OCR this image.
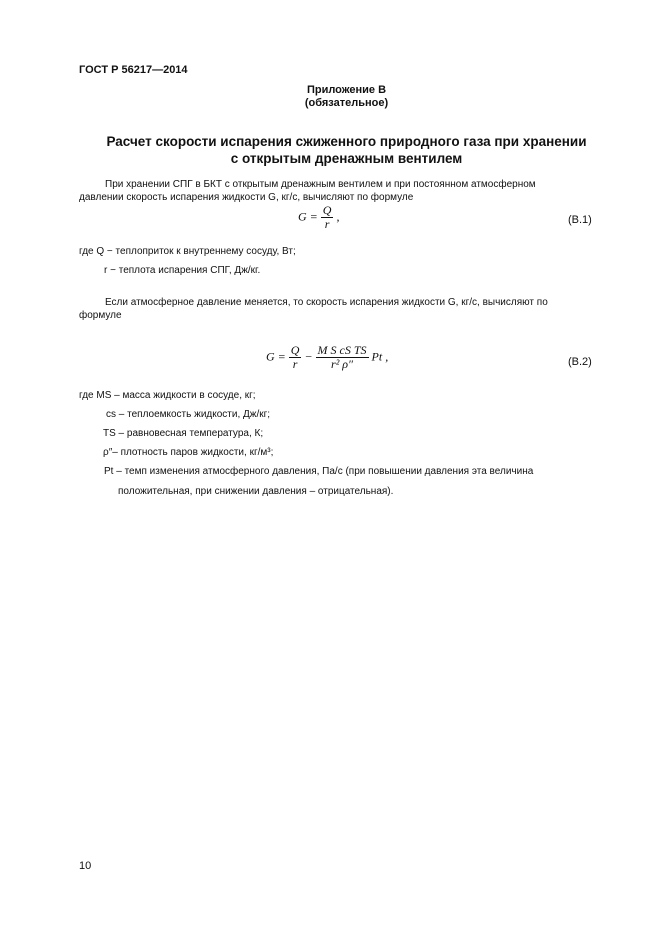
ГОСТ Р 56217—2014
Приложение В
(обязательное)
Расчет скорости испарения сжиженного природного газа при хранении
с открытым дренажным вентилем
При хранении СПГ в БКТ с открытым дренажным вентилем и при постоянном атмосферном
давлении скорость испарения жидкости G, кг/с, вычисляют по формуле
$G = \frac{Q}{r}$ ,	(В.1)
где Q − теплоприток к внутреннему сосуду, Вт;
r − теплота испарения СПГ, Дж/кг.
Если атмосферное давление меняется, то скорость испарения жидкости G, кг/с, вычисляют по
формуле
$G = \frac{Q}{r} - \frac{\text{M S cS TS}}{\text{r² ρ″}}$ Pt ,	(В.2)
где MS – масса жидкости в сосуде, кг;
cs – теплоемкость жидкости, Дж/кг;
TS – равновесная температура, К;
ρ″– плотность паров жидкости, кг/м³;
Pt – темп изменения атмосферного давления, Па/с (при повышении давления эта величина
положительная, при снижении давления – отрицательная).
10
